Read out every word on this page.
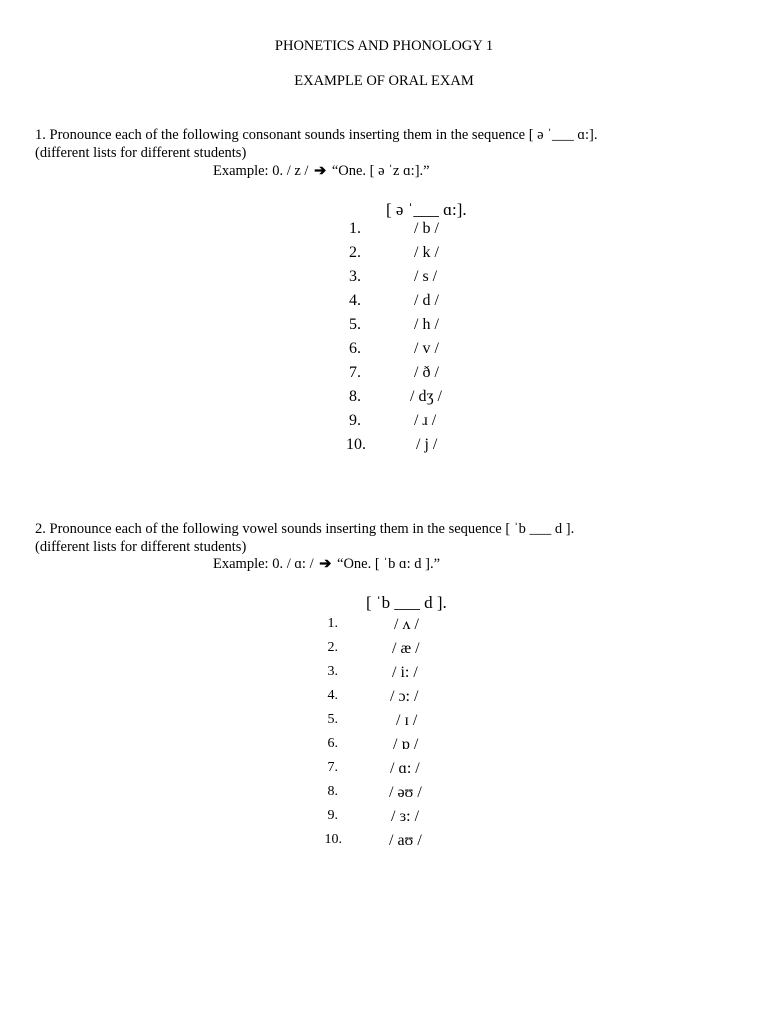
PHONETICS AND PHONOLOGY 1
EXAMPLE OF ORAL EXAM
1. Pronounce each of the following consonant sounds inserting them in the sequence [ ə ˈ___ ɑ:].
(different lists for different students)
Example: 0. / z / ➔ “One. [ ə ˈz ɑ:].”
[ ə ˈ___ ɑ:].
1.	/ b /
2.	/ k /
3.	/ s /
4.	/ d /
5.	/ h /
6.	/ v /
7.	/ ð /
8.	/ dʒ /
9.	/ ɹ /
10.	/ j /
2. Pronounce each of the following vowel sounds inserting them in the sequence [ ˈb ___ d ].
(different lists for different students)
Example: 0. / ɑ: / ➔ “One. [ ˈb ɑ: d ].”
[ ˈb ___ d ].
1.	/ ʌ /
2.	/ æ /
3.	/ i: /
4.	/ ɔ: /
5.	/ ɪ /
6.	/ ɒ /
7.	/ ɑ: /
8.	/ əʊ /
9.	/ ɜ: /
10.	/ aʊ /
